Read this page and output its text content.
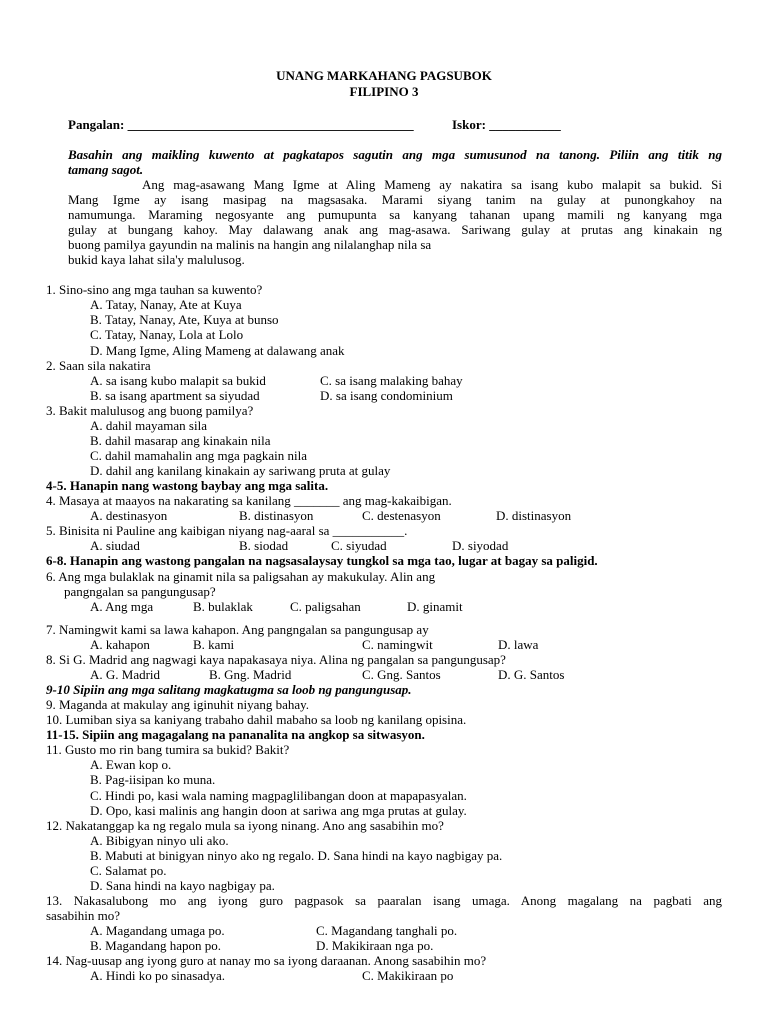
UNANG MARKAHANG PAGSUBOK
FILIPINO 3
Pangalan: ____________________________________________	Iskor: ___________
Basahin ang maikling kuwento at pagkatapos sagutin ang mga sumusunod na tanong. Piliin ang titik ng
tamang sagot.
Ang mag-asawang Mang Igme at Aling Mameng ay nakatira sa isang kubo malapit sa bukid. Si
Mang Igme ay isang masipag na magsasaka. Marami siyang tanim na gulay at punongkahoy na
namumunga. Maraming negosyante ang pumupunta sa kanyang tahanan upang mamili ng kanyang mga
gulay at bungang kahoy. May dalawang anak ang mag-asawa. Sariwang gulay at prutas ang kinakain ng
buong pamilya gayundin na malinis na hangin ang nilalanghap nila sa
bukid kaya lahat sila'y malulusog.
1. Sino-sino ang mga tauhan sa kuwento?
A. Tatay, Nanay, Ate at Kuya
B. Tatay, Nanay, Ate, Kuya at bunso
C. Tatay, Nanay, Lola at Lolo
D. Mang Igme, Aling Mameng at dalawang anak
2. Saan sila nakatira
A. sa isang kubo malapit sa bukid	C. sa isang malaking bahay
B. sa isang apartment sa siyudad	D. sa isang condominium
3. Bakit malulusog ang buong pamilya?
A. dahil mayaman sila
B. dahil masarap ang kinakain nila
C. dahil mamahalin ang mga pagkain nila
D. dahil ang kanilang kinakain ay sariwang pruta at gulay
4-5. Hanapin nang wastong baybay ang mga salita.
4. Masaya at maayos na nakarating sa kanilang _______ ang mag-kakaibigan.
A. destinasyon	B. distinasyon	C. destenasyon	D. distinasyon
5. Binisita ni Pauline ang kaibigan niyang nag-aaral sa ___________.
A. siudad	B. siodad	C. siyudad	D. siyodad
6-8. Hanapin ang wastong pangalan na nagsasalaysay tungkol sa mga tao, lugar at bagay sa paligid.
6. Ang mga bulaklak na ginamit nila sa paligsahan ay makukulay. Alin ang
pangngalan sa pangungusap?
A. Ang mga	B. bulaklak	C. paligsahan	D. ginamit
7. Namingwit kami sa lawa kahapon. Ang pangngalan sa pangungusap ay
A. kahapon	B. kami	C. namingwit	D. lawa
8. Si G. Madrid ang nagwagi kaya napakasaya niya. Alina ng pangalan sa pangungusap?
A. G. Madrid	B. Gng. Madrid	C. Gng. Santos	D. G. Santos
9-10 Sipiin ang mga salitang magkatugma sa loob ng pangungusap.
9. Maganda at makulay ang iginuhit niyang bahay.
10. Lumiban siya sa kaniyang trabaho dahil mabaho sa loob ng kanilang opisina.
11-15. Sipiin ang magagalang na pananalita na angkop sa sitwasyon.
11. Gusto mo rin bang tumira sa bukid? Bakit?
A. Ewan kop o.
B. Pag-iisipan ko muna.
C. Hindi po, kasi wala naming magpaglilibangan doon at mapapasyalan.
D. Opo, kasi malinis ang hangin doon at sariwa ang mga prutas at gulay.
12. Nakatanggap ka ng regalo mula sa iyong ninang. Ano ang sasabihin mo?
A. Bibigyan ninyo uli ako.
B. Mabuti at binigyan ninyo ako ng regalo. D. Sana hindi na kayo nagbigay pa.
C. Salamat po.
D. Sana hindi na kayo nagbigay pa.
13. Nakasalubong mo ang iyong guro pagpasok sa paaralan isang umaga. Anong magalang na pagbati ang
sasabihin mo?
A. Magandang umaga po.	C. Magandang tanghali po.
B. Magandang hapon po.	D. Makikiraan nga po.
14. Nag-uusap ang iyong guro at nanay mo sa iyong daraanan. Anong sasabihin mo?
A. Hindi ko po sinasadya.	C. Makikiraan po
